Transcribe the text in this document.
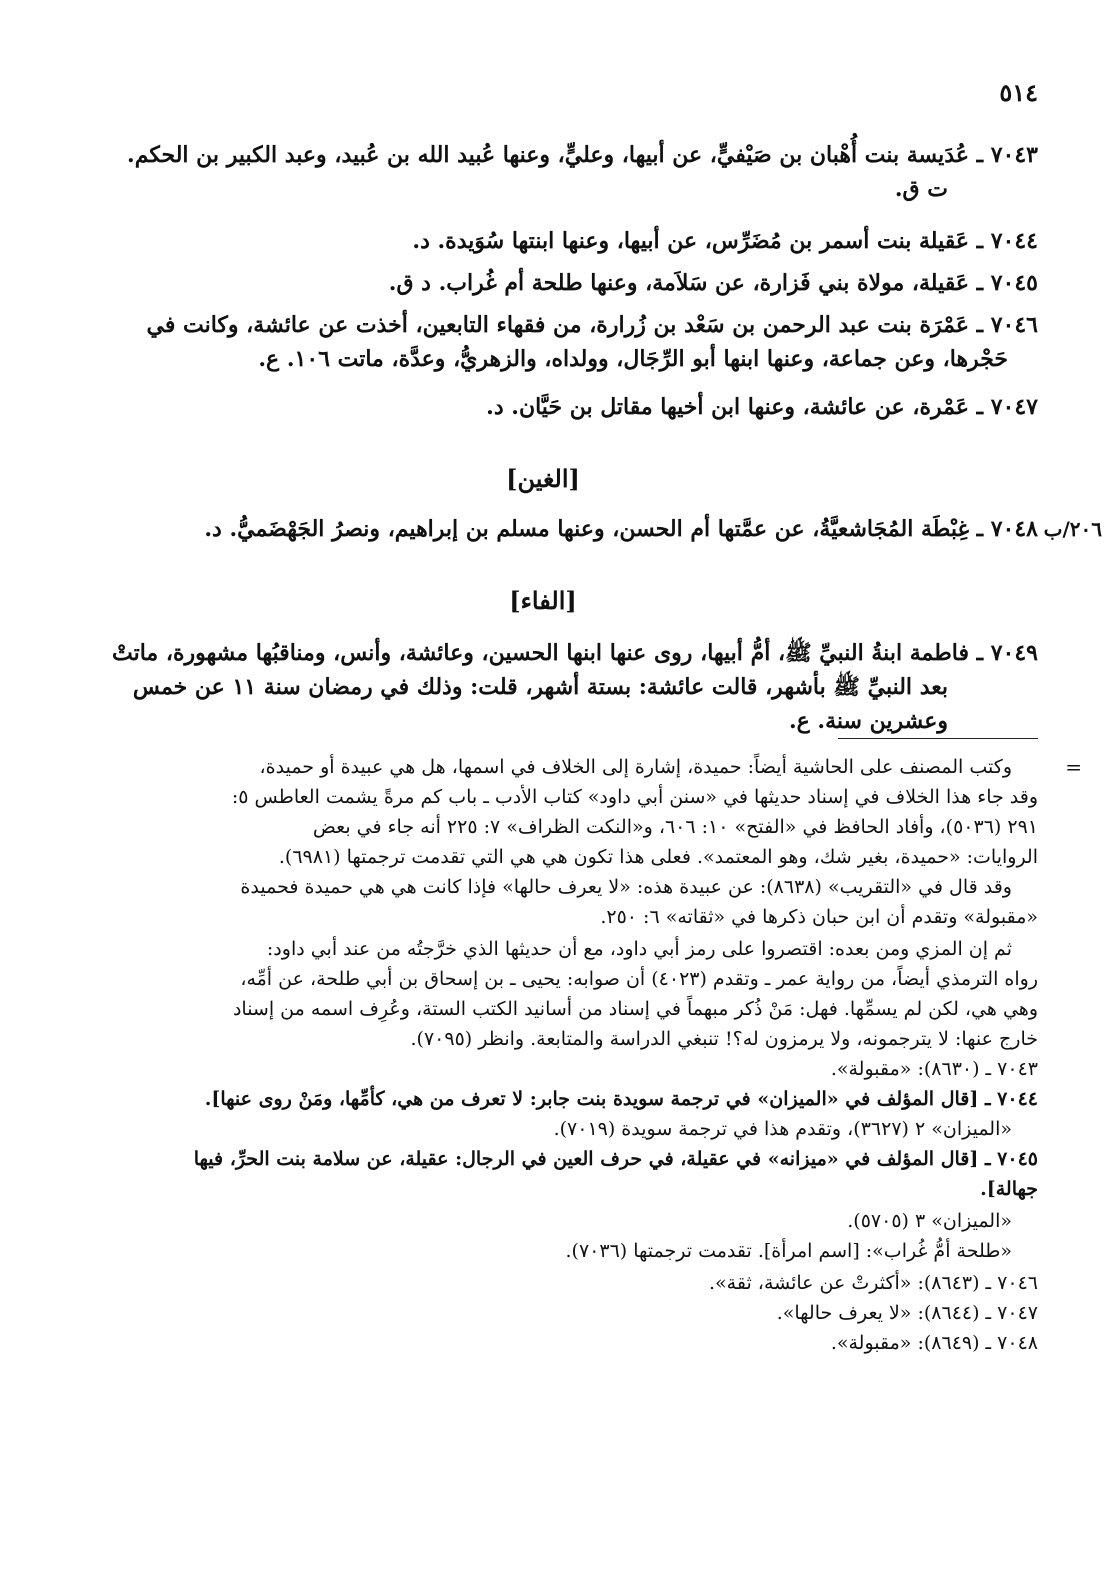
٥١٤
٧٠٤٣ ـ عُدَيسة بنت أُهْبان بن صَيْفيٍّ، عن أبيها، وعليٍّ، وعنها عُبيد الله بن عُبيد، وعبد الكبير بن الحكم.
ت ق.
٧٠٤٤ ـ عَقيلة بنت أسمر بن مُضَرِّس، عن أبيها، وعنها ابنتها سُوَيدة. د.
٧٠٤٥ ـ عَقيلة، مولاة بني فَزارة، عن سَلاَمة، وعنها طلحة أم غُراب. د ق.
٧٠٤٦ ـ عَمْرَة بنت عبد الرحمن بن سَعْد بن زُرارة، من فقهاء التابعين، أخذت عن عائشة، وكانت في
حَجْرها، وعن جماعة، وعنها ابنها أبو الرِّجَال، وولداه، والزهريُّ، وعدَّة، ماتت ١٠٦. ع.
٧٠٤٧ ـ عَمْرة، عن عائشة، وعنها ابن أخيها مقاتل بن حَيَّان. د.
[الغين]
٢٠٦/ب
٧٠٤٨ ـ غِبْطَة المُجَاشعيَّةُ، عن عمَّتها أم الحسن، وعنها مسلم بن إبراهيم، ونصرُ الجَهْضَميُّ. د.
[الفاء]
٧٠٤٩ ـ فاطمة ابنةُ النبيِّ ﷺ، أمُّ أبيها، روى عنها ابنها الحسين، وعائشة، وأنس، ومناقبُها مشهورة، ماتتْ
بعد النبيِّ ﷺ بأشهر، قالت عائشة: بستة أشهر، قلت: وذلك في رمضان سنة ١١ عن خمس
وعشرين سنة. ع.
=
وكتب المصنف على الحاشية أيضاً: حميدة، إشارة إلى الخلاف في اسمها، هل هي عبيدة أو حميدة،
وقد جاء هذا الخلاف في إسناد حديثها في «سنن أبي داود» كتاب الأدب ـ باب كم مرةً يشمت العاطس ٥:
٢٩١ (٥٠٣٦)، وأفاد الحافظ في «الفتح» ١٠: ٦٠٦، و«النكت الظراف» ٧: ٢٢٥ أنه جاء في بعض
الروايات: «حميدة، بغير شك، وهو المعتمد». فعلى هذا تكون هي هي التي تقدمت ترجمتها (٦٩٨١).
وقد قال في «التقريب» (٨٦٣٨): عن عبيدة هذه: «لا يعرف حالها» فإذا كانت هي هي حميدة فحميدة
«مقبولة» وتقدم أن ابن حبان ذكرها في «ثقاته» ٦: ٢٥٠.
ثم إن المزي ومن بعده: اقتصروا على رمز أبي داود، مع أن حديثها الذي خرَّجتُه من عند أبي داود:
رواه الترمذي أيضاً، من رواية عمر ـ وتقدم (٤٠٢٣) أن صوابه: يحيى ـ بن إسحاق بن أبي طلحة، عن أمِّه،
وهي هي، لكن لم يسمِّها. فهل: مَنْ ذُكر مبهماً في إسناد من أسانيد الكتب الستة، وعُرِف اسمه من إسناد
خارج عنها: لا يترجمونه، ولا يرمزون له؟! تنبغي الدراسة والمتابعة. وانظر (٧٠٩٥).
٧٠٤٣ ـ (٨٦٣٠): «مقبولة».
٧٠٤٤ ـ [قال المؤلف في «الميزان» في ترجمة سويدة بنت جابر: لا تعرف من هي، كأمِّها، ومَنْ روى عنها].
«الميزان» ٢ (٣٦٢٧)، وتقدم هذا في ترجمة سويدة (٧٠١٩).
٧٠٤٥ ـ [قال المؤلف في «ميزانه» في عقيلة، في حرف العين في الرجال: عقيلة، عن سلامة بنت الحرِّ، فيها
جهالة].
«الميزان» ٣ (٥٧٠٥).
«طلحة أمُّ غُراب»: [اسم امرأة]. تقدمت ترجمتها (٧٠٣٦).
٧٠٤٦ ـ (٨٦٤٣): «أكثرتْ عن عائشة، ثقة».
٧٠٤٧ ـ (٨٦٤٤): «لا يعرف حالها».
٧٠٤٨ ـ (٨٦٤٩): «مقبولة».
